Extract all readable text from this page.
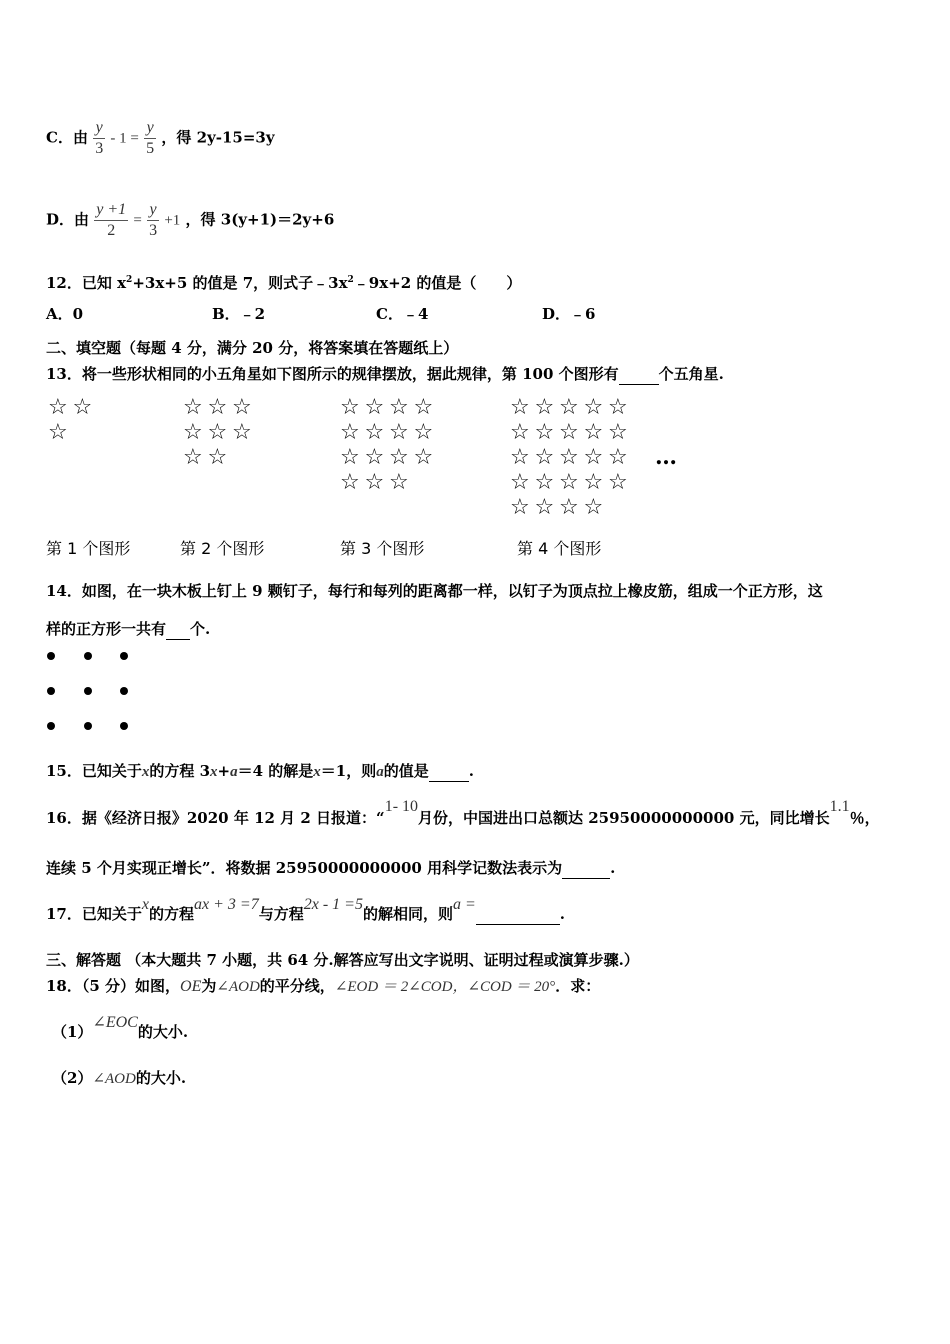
C．由 $\frac{y}{3} - 1 = \frac{y}{5}$ ，得 2y-15=3y
D．由 $\frac{y +1}{2} = \frac{y}{3} +1$ ，得 3(y+1)＝2y+6
12．已知 $x^2+3x+5$ 的值是 7，则式子$﹣3x^2﹣9x+2$ 的值是（　　）
A．0	B．﹣2	C．﹣4	D．﹣6
二、填空题（每题 4 分，满分 20 分，将答案填在答题纸上）
13．将一些形状相同的小五角星如下图所示的规律摆放，据此规律，第 100 个图形有	个五角星.
☆ ☆
☆
☆ ☆ ☆
☆ ☆ ☆
☆ ☆
☆ ☆ ☆ ☆
☆ ☆ ☆ ☆
☆ ☆ ☆ ☆
☆ ☆ ☆
☆ ☆ ☆ ☆ ☆
☆ ☆ ☆ ☆ ☆
☆ ☆ ☆ ☆ ☆
☆ ☆ ☆ ☆ ☆
☆ ☆ ☆ ☆
…
第 1 个图形	第 2 个图形	第 3 个图形	第 4 个图形
14．如图，在一块木板上钉上 9 颗钉子，每行和每列的距离都一样，以钉子为顶点拉上橡皮筋，组成一个正方形，这
样的正方形一共有 个.
15．已知关于x的方程 3x+a＝4 的解是x＝1，则a的值是	.
16．据《经济日报》2020 年 12 月 2 日报道：“1- 10月份，中国进出口总额达 25950000000000 元，同比增长1.1％，
连续 5 个月实现正增长”．将数据 25950000000000 用科学记数法表示为	.
17．已知关于x的方程ax + 3 =7与方程2x - 1 =5的解相同，则a = .
三、解答题 （本大题共 7 小题，共 64 分.解答应写出文字说明、证明过程或演算步骤.）
18．（5 分）如图，OE为∠AOD的平分线，∠EOD ＝ 2∠COD，∠COD ＝ 20°．求：
（1）∠EOC的大小.
（2）∠AOD的大小.
